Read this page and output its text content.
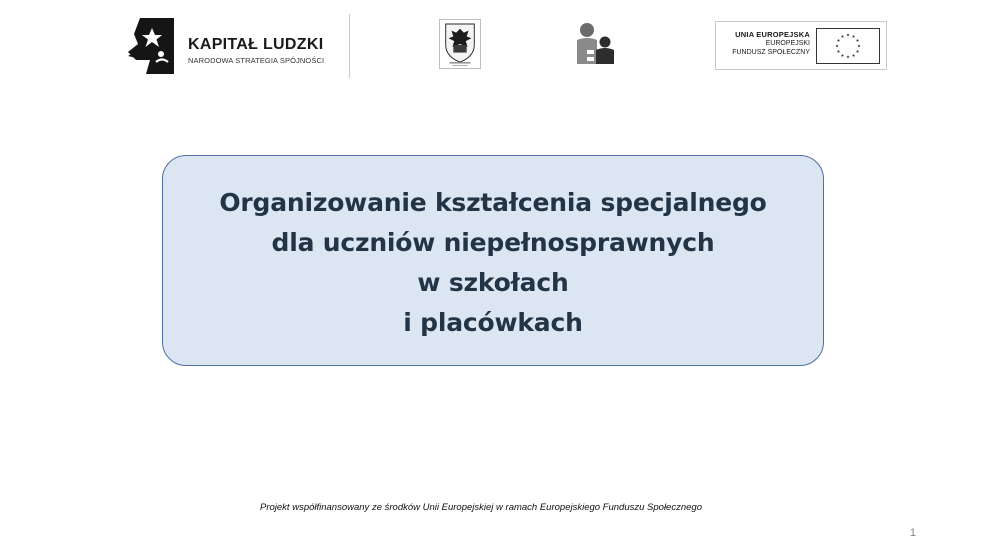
KAPITAŁ LUDZKI
NARODOWA STRATEGIA SPÓJNOŚCI
UNIA EUROPEJSKA
EUROPEJSKI
FUNDUSZ SPOŁECZNY
Organizowanie kształcenia specjalnego
dla uczniów niepełnosprawnych
w szkołach
i placówkach
Projekt współfinansowany ze środków Unii Europejskiej w ramach Europejskiego Funduszu Społecznego
1
